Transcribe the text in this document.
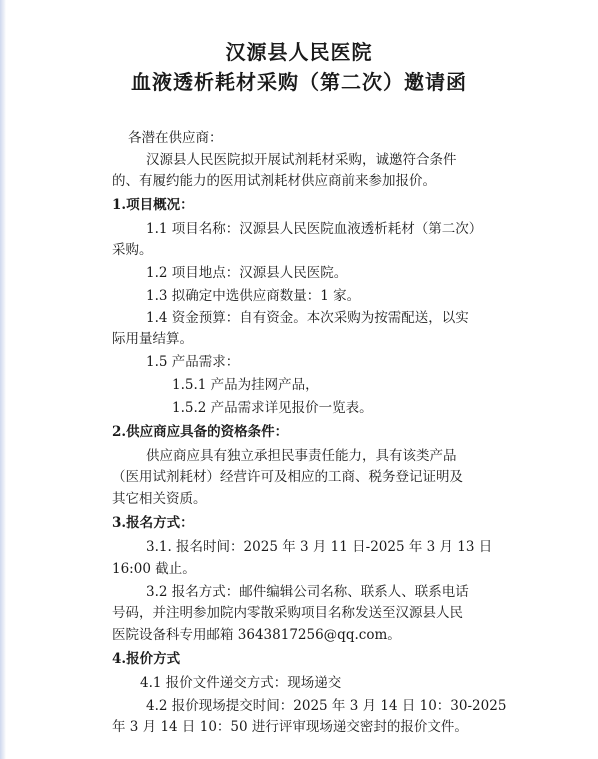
汉源县人民医院
血液透析耗材采购（第二次）邀请函
各潜在供应商：
汉源县人民医院拟开展试剂耗材采购，诚邀符合条件
的、有履约能力的医用试剂耗材供应商前来参加报价。
1.项目概况：
1.1 项目名称：汉源县人民医院血液透析耗材（第二次）
采购。
1.2 项目地点：汉源县人民医院。
1.3 拟确定中选供应商数量：1 家。
1.4 资金预算：自有资金。本次采购为按需配送，以实
际用量结算。
1.5 产品需求：
1.5.1 产品为挂网产品，
1.5.2 产品需求详见报价一览表。
2.供应商应具备的资格条件：
供应商应具有独立承担民事责任能力，具有该类产品
（医用试剂耗材）经营许可及相应的工商、税务登记证明及
其它相关资质。
3.报名方式：
3.1. 报名时间：2025 年 3 月 11 日-2025 年 3 月 13 日
16:00 截止。
3.2 报名方式：邮件编辑公司名称、联系人、联系电话
号码，并注明参加院内零散采购项目名称发送至汉源县人民
医院设备科专用邮箱 3643817256@qq.com。
4.报价方式
4.1 报价文件递交方式：现场递交
4.2 报价现场提交时间：2025 年 3 月 14 日 10：30-2025
年 3 月 14 日 10：50 进行评审现场递交密封的报价文件。
